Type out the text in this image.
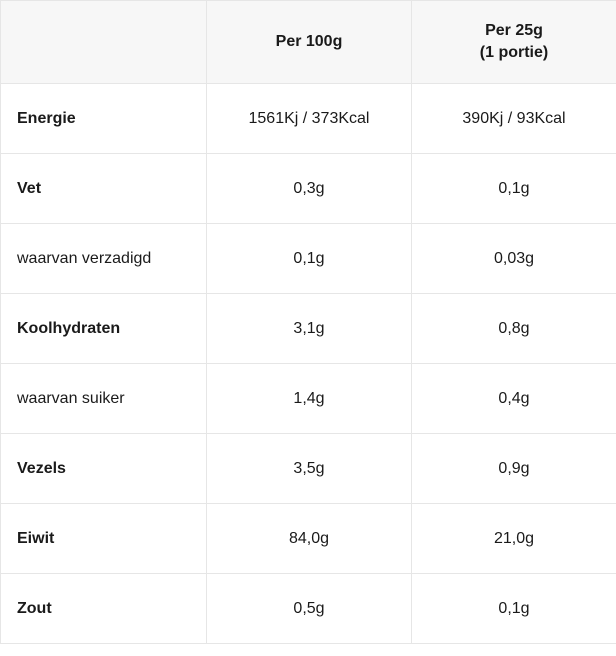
	Per 100g	Per 25g
(1 portie)

Energie	1561Kj / 373Kcal	390Kj / 93Kcal
Vet	0,3g	0,1g
waarvan verzadigd	0,1g	0,03g
Koolhydraten	3,1g	0,8g
waarvan suiker	1,4g	0,4g
Vezels	3,5g	0,9g
Eiwit	84,0g	21,0g
Zout	0,5g	0,1g
